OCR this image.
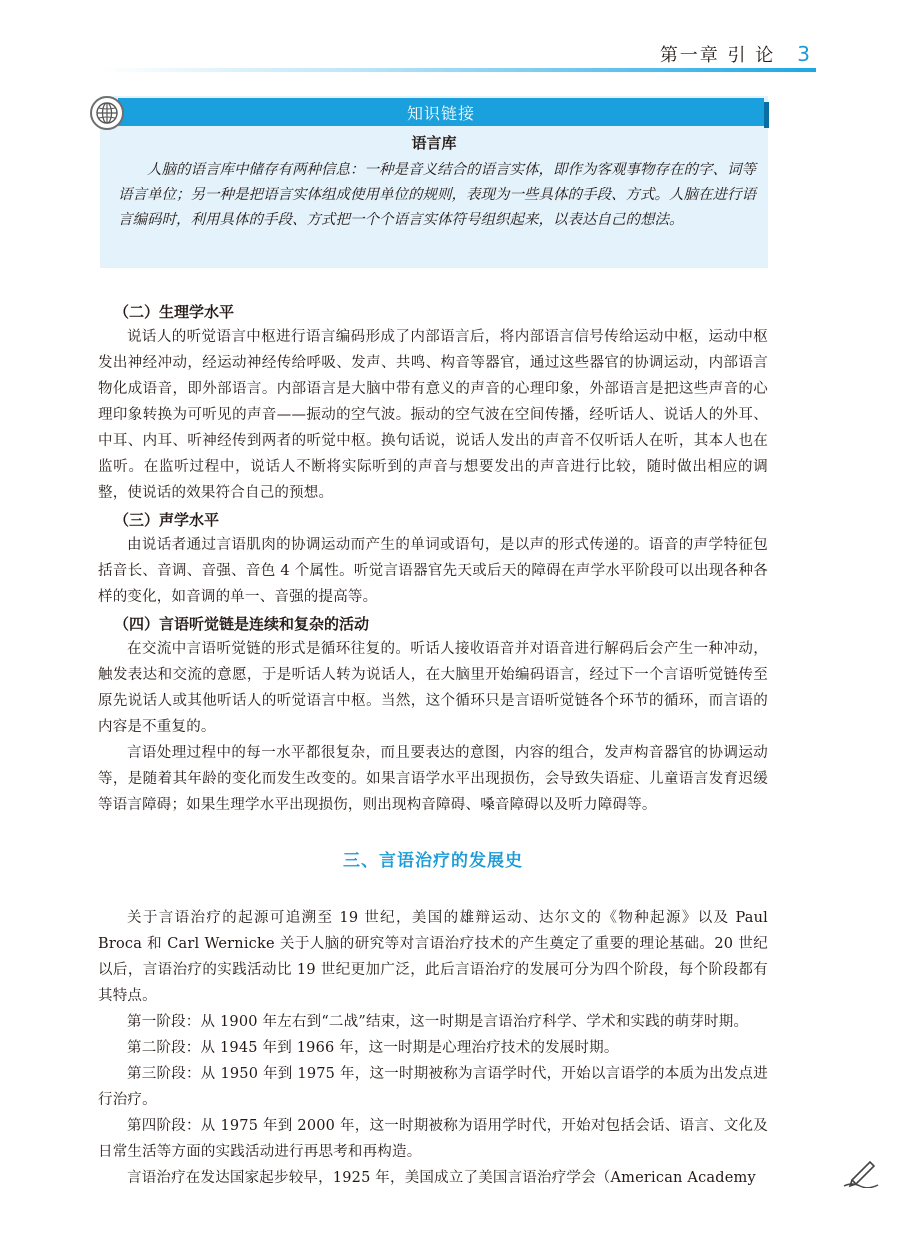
第一章 引 论 3
知识链接
语言库

人脑的语言库中储存有两种信息：一种是音义结合的语言实体，即作为客观事物存在的字、词等语言单位；另一种是把语言实体组成使用单位的规则，表现为一些具体的手段、方式。人脑在进行语言编码时，利用具体的手段、方式把一个个语言实体符号组织起来，以表达自己的想法。

（二）生理学水平

说话人的听觉语言中枢进行语言编码形成了内部语言后，将内部语言信号传给运动中枢，运动中枢发出神经冲动，经运动神经传给呼吸、发声、共鸣、构音等器官，通过这些器官的协调运动，内部语言物化成语音，即外部语言。内部语言是大脑中带有意义的声音的心理印象，外部语言是把这些声音的心理印象转换为可听见的声音——振动的空气波。振动的空气波在空间传播，经听话人、说话人的外耳、中耳、内耳、听神经传到两者的听觉中枢。换句话说，说话人发出的声音不仅听话人在听，其本人也在监听。在监听过程中，说话人不断将实际听到的声音与想要发出的声音进行比较，随时做出相应的调整，使说话的效果符合自己的预想。

（三）声学水平

由说话者通过言语肌肉的协调运动而产生的单词或语句，是以声的形式传递的。语音的声学特征包括音长、音调、音强、音色 4 个属性。听觉言语器官先天或后天的障碍在声学水平阶段可以出现各种各样的变化，如音调的单一、音强的提高等。

（四）言语听觉链是连续和复杂的活动

在交流中言语听觉链的形式是循环往复的。听话人接收语音并对语音进行解码后会产生一种冲动，触发表达和交流的意愿，于是听话人转为说话人，在大脑里开始编码语言，经过下一个言语听觉链传至原先说话人或其他听话人的听觉语言中枢。当然，这个循环只是言语听觉链各个环节的循环，而言语的内容是不重复的。

言语处理过程中的每一水平都很复杂，而且要表达的意图，内容的组合，发声构音器官的协调运动等，是随着其年龄的变化而发生改变的。如果言语学水平出现损伤，会导致失语症、儿童语言发育迟缓等语言障碍；如果生理学水平出现损伤，则出现构音障碍、嗓音障碍以及听力障碍等。

三、言语治疗的发展史

关于言语治疗的起源可追溯至 19 世纪，美国的雄辩运动、达尔文的《物种起源》以及 Paul Broca 和 Carl Wernicke 关于人脑的研究等对言语治疗技术的产生奠定了重要的理论基础。20 世纪以后，言语治疗的实践活动比 19 世纪更加广泛，此后言语治疗的发展可分为四个阶段，每个阶段都有其特点。

第一阶段：从 1900 年左右到“二战”结束，这一时期是言语治疗科学、学术和实践的萌芽时期。

第二阶段：从 1945 年到 1966 年，这一时期是心理治疗技术的发展时期。

第三阶段：从 1950 年到 1975 年，这一时期被称为言语学时代，开始以言语学的本质为出发点进行治疗。

第四阶段：从 1975 年到 2000 年，这一时期被称为语用学时代，开始对包括会话、语言、文化及日常生活等方面的实践活动进行再思考和再构造。

言语治疗在发达国家起步较早，1925 年，美国成立了美国言语治疗学会（American Academy
